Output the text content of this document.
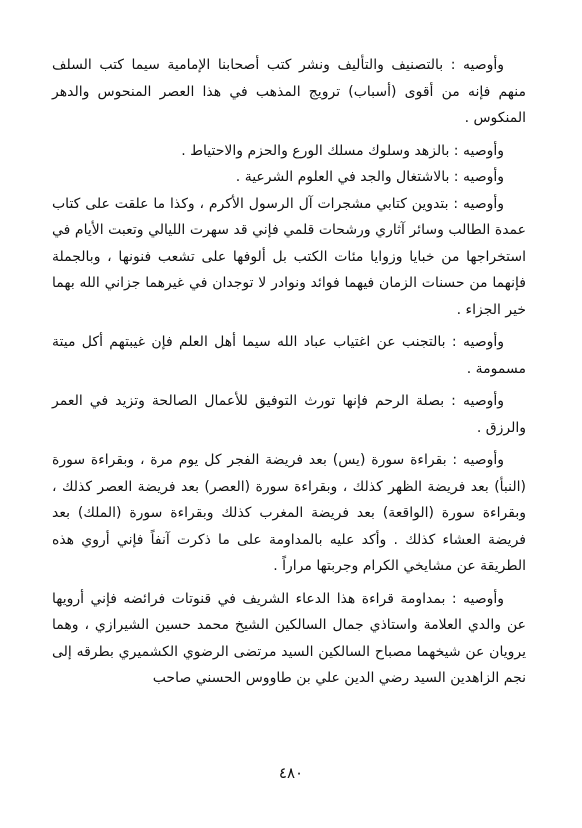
وأوصيه : بالتصنيف والتأليف ونشر كتب أصحابنا الإمامية سيما كتب السلف منهم فإنه من أقوى (أسباب) ترويج المذهب في هذا العصر المنحوس والدهر المنكوس .

وأوصيه : بالزهد وسلوك مسلك الورع والحزم والاحتياط .

وأوصيه : بالاشتغال والجد في العلوم الشرعية .

وأوصيه : بتدوين كتابي مشجرات آل الرسول الأكرم ، وكذا ما علقت على كتاب عمدة الطالب وسائر آثاري ورشحات قلمي فإني قد سهرت الليالي وتعبت الأيام في استخراجها من خبايا وزوايا مئات الكتب بل ألوفها على تشعب فنونها ، وبالجملة فإنهما من حسنات الزمان فيهما فوائد ونوادر لا توجدان في غيرهما جزاني الله بهما خير الجزاء .

وأوصيه : بالتجنب عن اغتياب عباد الله سيما أهل العلم فإن غيبتهم أكل ميتة مسمومة .

وأوصيه : بصلة الرحم فإنها تورث التوفيق للأعمال الصالحة وتزيد في العمر والرزق .

وأوصيه : بقراءة سورة (يس) بعد فريضة الفجر كل يوم مرة ، وبقراءة سورة (النبأ) بعد فريضة الظهر كذلك ، وبقراءة سورة (العصر) بعد فريضة العصر كذلك ، وبقراءة سورة (الواقعة) بعد فريضة المغرب كذلك وبقراءة سورة (الملك) بعد فريضة العشاء كذلك . وأكد عليه بالمداومة على ما ذكرت آنفاً فإني أروي هذه الطريقة عن مشايخي الكرام وجربتها مراراً .

وأوصيه : بمداومة قراءة هذا الدعاء الشريف في قنوتات فرائضه فإني أرويها عن والدي العلامة واستاذي جمال السالكين الشيخ محمد حسين الشيرازي ، وهما يرويان عن شيخهما مصباح السالكين السيد مرتضى الرضوي الكشميري بطرقه إلى نجم الزاهدين السيد رضي الدين علي بن طاووس الحسني صاحب

٤٨٠
